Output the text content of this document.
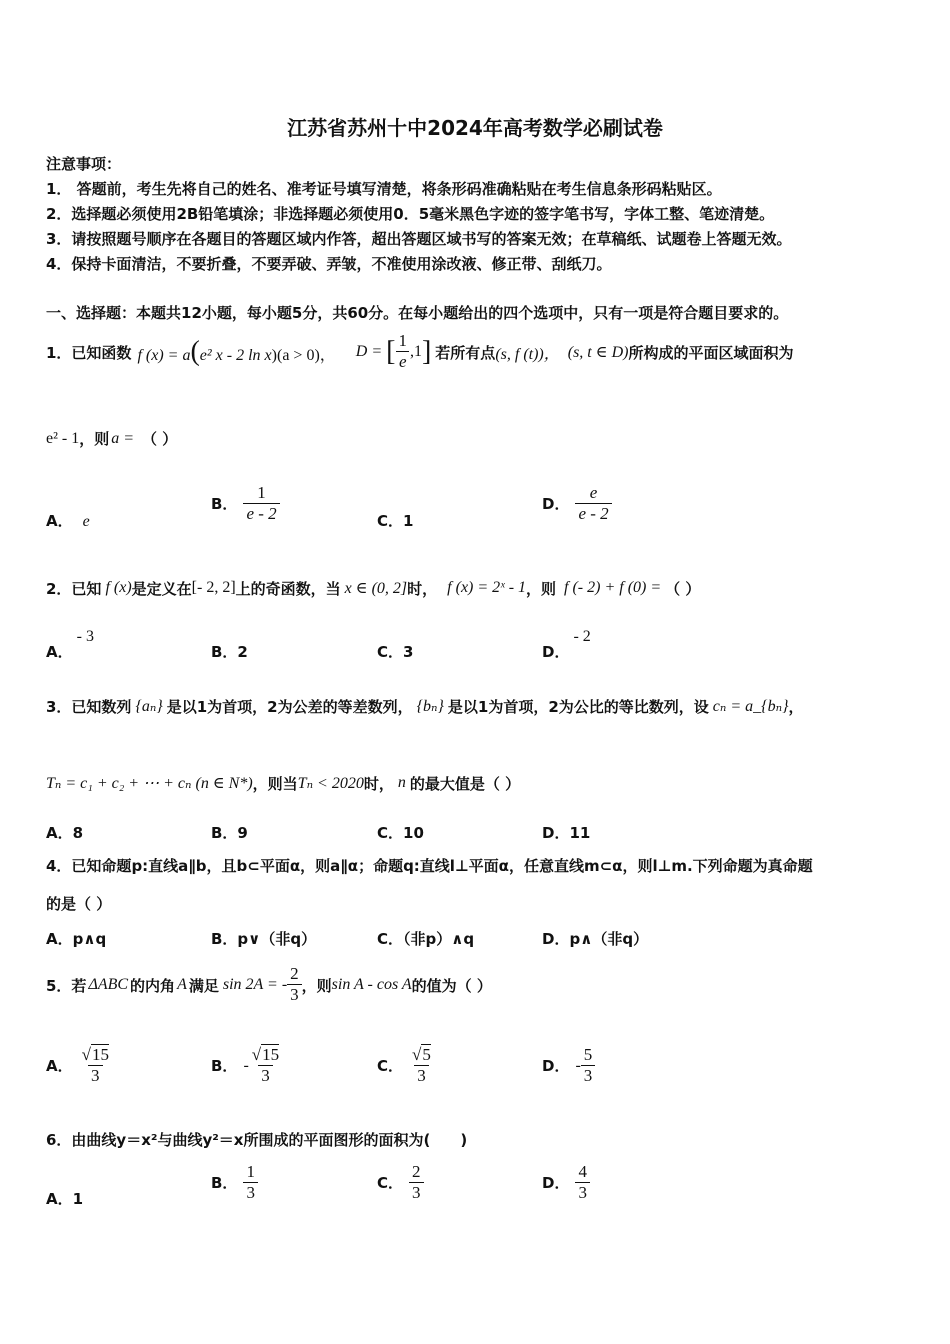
江苏省苏州十中2024年高考数学必刷试卷
注意事项：
1． 答题前，考生先将自己的姓名、准考证号填写清楚，将条形码准确粘贴在考生信息条形码粘贴区。
2．选择题必须使用2B铅笔填涂；非选择题必须使用0．5毫米黑色字迹的签字笔书写，字体工整、笔迹清楚。
3．请按照题号顺序在各题目的答题区域内作答，超出答题区域书写的答案无效；在草稿纸、试题卷上答题无效。
4．保持卡面清洁，不要折叠，不要弄破、弄皱，不准使用涂改液、修正带、刮纸刀。
一、选择题：本题共12小题，每小题5分，共60分。在每小题给出的四个选项中，只有一项是符合题目要求的。
1．已知函数 f (x) = a(e² x - 2 ln x)(a > 0)， D = [ $\frac{1}{e} ,1$ ] 若所有点 (s, f (t))， (s, t ∈ D) 所构成的平面区域面积为
e² - 1 ，则 a = （ ）
A． e
B． $\frac{1}{e - 2}$	C．1
D． $\frac{e}{e - 2}$
2．已知 f (x) 是定义在 [- 2, 2] 上的奇函数，当 x ∈ (0, 2] 时， f (x) = 2ˣ - 1 ，则 f (- 2) + f (0) = （ ）
A．
- 3
B．2	C．3	D．
- 2
3．已知数列 {aₙ} 是以1为首项，2为公差的等差数列， {bₙ} 是以1为首项，2为公比的等比数列，设 cₙ = a_{bₙ} ，
Tₙ = c₁ + c₂ + ⋯ + cₙ (n ∈ N*) ，则当 Tₙ < 2020 时， n 的最大值是（ ）
A．8	B．9	C．10	D．11
4．已知命题p:直线a∥b，且b⊂平面α，则a∥α；命题q:直线l⊥平面α，任意直线m⊂α，则l⊥m.下列命题为真命题
的是（ ）
A．p∧q	B．p∨（非q）	C．（非p）∧q	D．p∧（非q）
5．若 ΔABC 的内角 A 满足 sin 2A = - $\frac{2}{3}$ ，则 sin A - cos A 的值为（ ）
A． $\frac{√15}{3}$	B． - $\frac{√15}{3}$	C． $\frac{√5}{3}$	D． - $\frac{5}{3}$
6．由曲线y＝x²与曲线y²＝x所围成的平面图形的面积为(　　)
A．1
B． $\frac{1}{3}$	C． $\frac{2}{3}$	D． $\frac{4}{3}$
